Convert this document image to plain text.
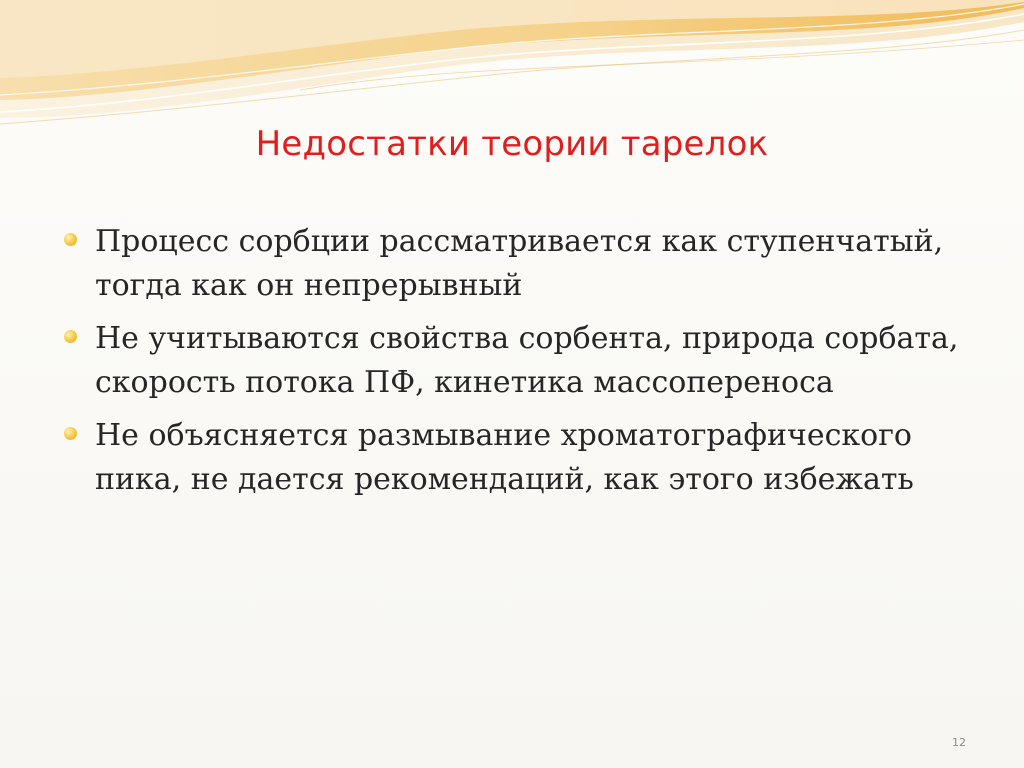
Недостатки теории тарелок
Процесс сорбции рассматривается как ступенчатый, тогда как он непрерывный
Не учитываются свойства сорбента, природа сорбата, скорость потока ПФ, кинетика массопереноса
Не объясняется размывание хроматографического пика, не дается рекомендаций, как этого избежать
12
